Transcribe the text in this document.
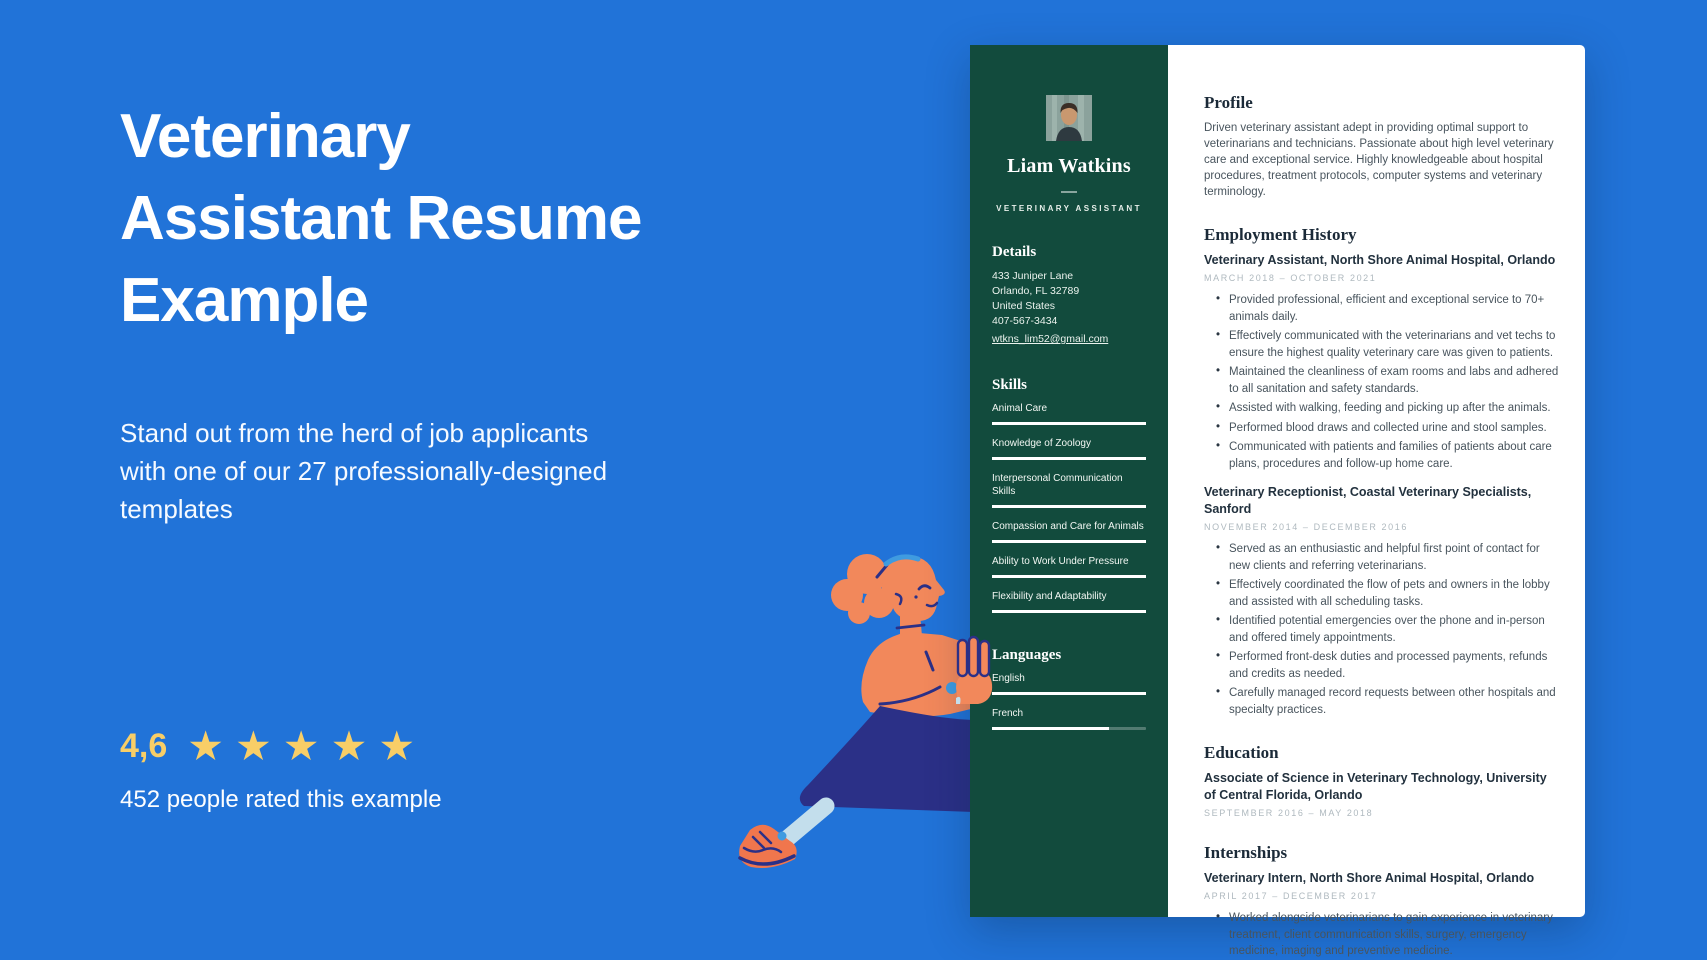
Veterinary
Assistant Resume
Example
Stand out from the herd of job applicants with one of our 27 professionally-designed templates
4,6 ★ ★ ★ ★ ★
452 people rated this example
Liam Watkins
VETERINARY ASSISTANT
Details
433 Juniper Lane
Orlando, FL 32789
United States
407-567-3434
wtkns_lim52@gmail.com
Skills
Animal Care
Knowledge of Zoology
Interpersonal Communication Skills
Compassion and Care for Animals
Ability to Work Under Pressure
Flexibility and Adaptability
Languages
English
French
Profile

Driven veterinary assistant adept in providing optimal support to veterinarians and technicians. Passionate about high level veterinary care and exceptional service. Highly knowledgeable about hospital procedures, treatment protocols, computer systems and veterinary terminology.

Employment History
Veterinary Assistant, North Shore Animal Hospital, Orlando
MARCH 2018 – OCTOBER 2021
• Provided professional, efficient and exceptional service to 70+ animals daily.
• Effectively communicated with the veterinarians and vet techs to ensure the highest quality veterinary care was given to patients.
• Maintained the cleanliness of exam rooms and labs and adhered to all sanitation and safety standards.
• Assisted with walking, feeding and picking up after the animals.
• Performed blood draws and collected urine and stool samples.
• Communicated with patients and families of patients about care plans, procedures and follow-up home care.
Veterinary Receptionist, Coastal Veterinary Specialists, Sanford
NOVEMBER 2014 – DECEMBER 2016
• Served as an enthusiastic and helpful first point of contact for new clients and referring veterinarians.
• Effectively coordinated the flow of pets and owners in the lobby and assisted with all scheduling tasks.
• Identified potential emergencies over the phone and in-person and offered timely appointments.
• Performed front-desk duties and processed payments, refunds and credits as needed.
• Carefully managed record requests between other hospitals and specialty practices.
Education
Associate of Science in Veterinary Technology, University of Central Florida, Orlando
SEPTEMBER 2016 – MAY 2018
Internships
Veterinary Intern, North Shore Animal Hospital, Orlando
APRIL 2017 – DECEMBER 2017
• Worked alongside veterinarians to gain experience in veterinary treatment, client communication skills, surgery, emergency medicine, imaging and preventive medicine.
